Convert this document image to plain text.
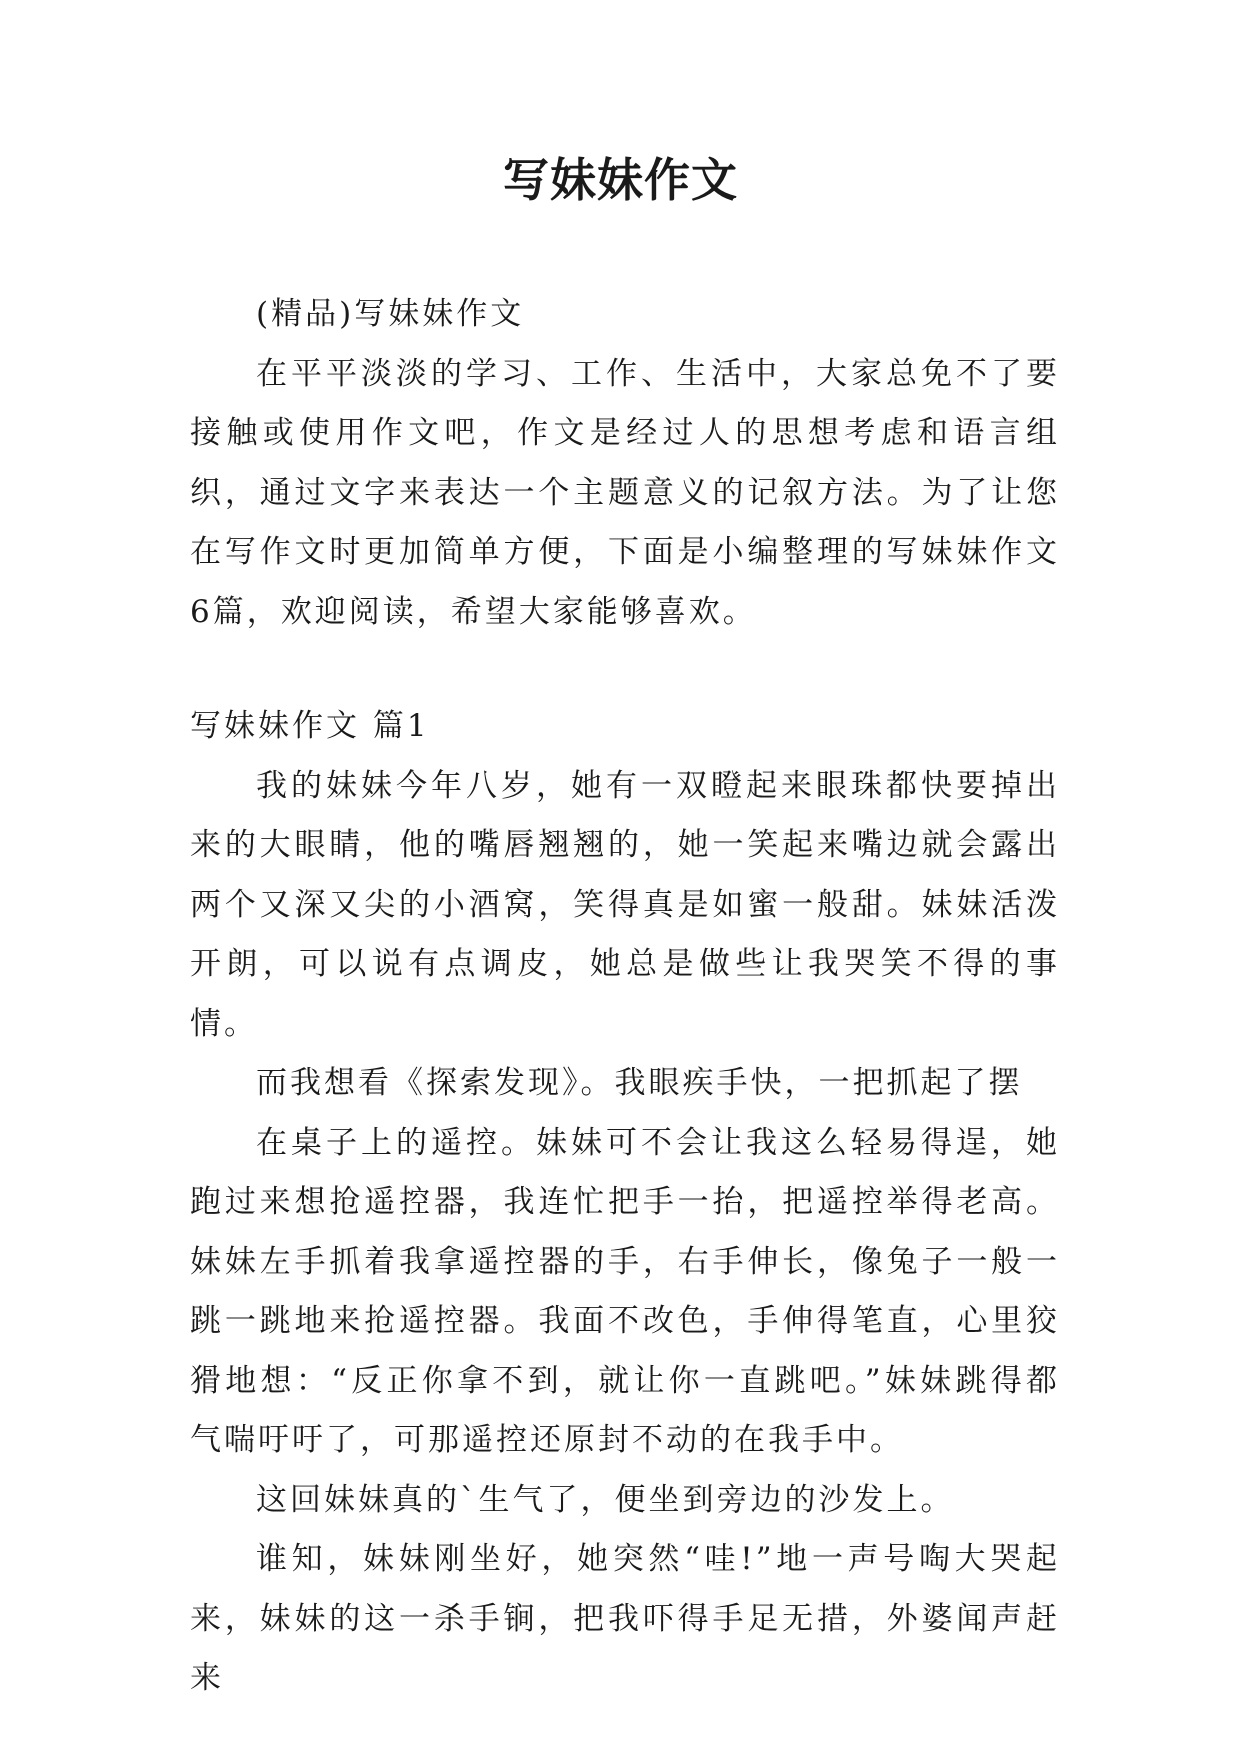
写妹妹作文

(精品)写妹妹作文

在平平淡淡的学习、工作、生活中，大家总免不了要接触或使用作文吧，作文是经过人的思想考虑和语言组织，通过文字来表达一个主题意义的记叙方法。为了让您在写作文时更加简单方便，下面是小编整理的写妹妹作文6篇，欢迎阅读，希望大家能够喜欢。

写妹妹作文 篇1

我的妹妹今年八岁，她有一双瞪起来眼珠都快要掉出来的大眼睛，他的嘴唇翘翘的，她一笑起来嘴边就会露出两个又深又尖的小酒窝，笑得真是如蜜一般甜。妹妹活泼开朗，可以说有点调皮，她总是做些让我哭笑不得的事情。

而我想看《探索发现》。我眼疾手快，一把抓起了摆

在桌子上的遥控。妹妹可不会让我这么轻易得逞，她跑过来想抢遥控器，我连忙把手一抬，把遥控举得老高。妹妹左手抓着我拿遥控器的手，右手伸长，像兔子一般一跳一跳地来抢遥控器。我面不改色，手伸得笔直，心里狡猾地想：“反正你拿不到，就让你一直跳吧。”妹妹跳得都气喘吁吁了，可那遥控还原封不动的在我手中。

这回妹妹真的`生气了，便坐到旁边的沙发上。

谁知，妹妹刚坐好，她突然“哇!”地一声号啕大哭起来，妹妹的这一杀手锏，把我吓得手足无措，外婆闻声赶来
